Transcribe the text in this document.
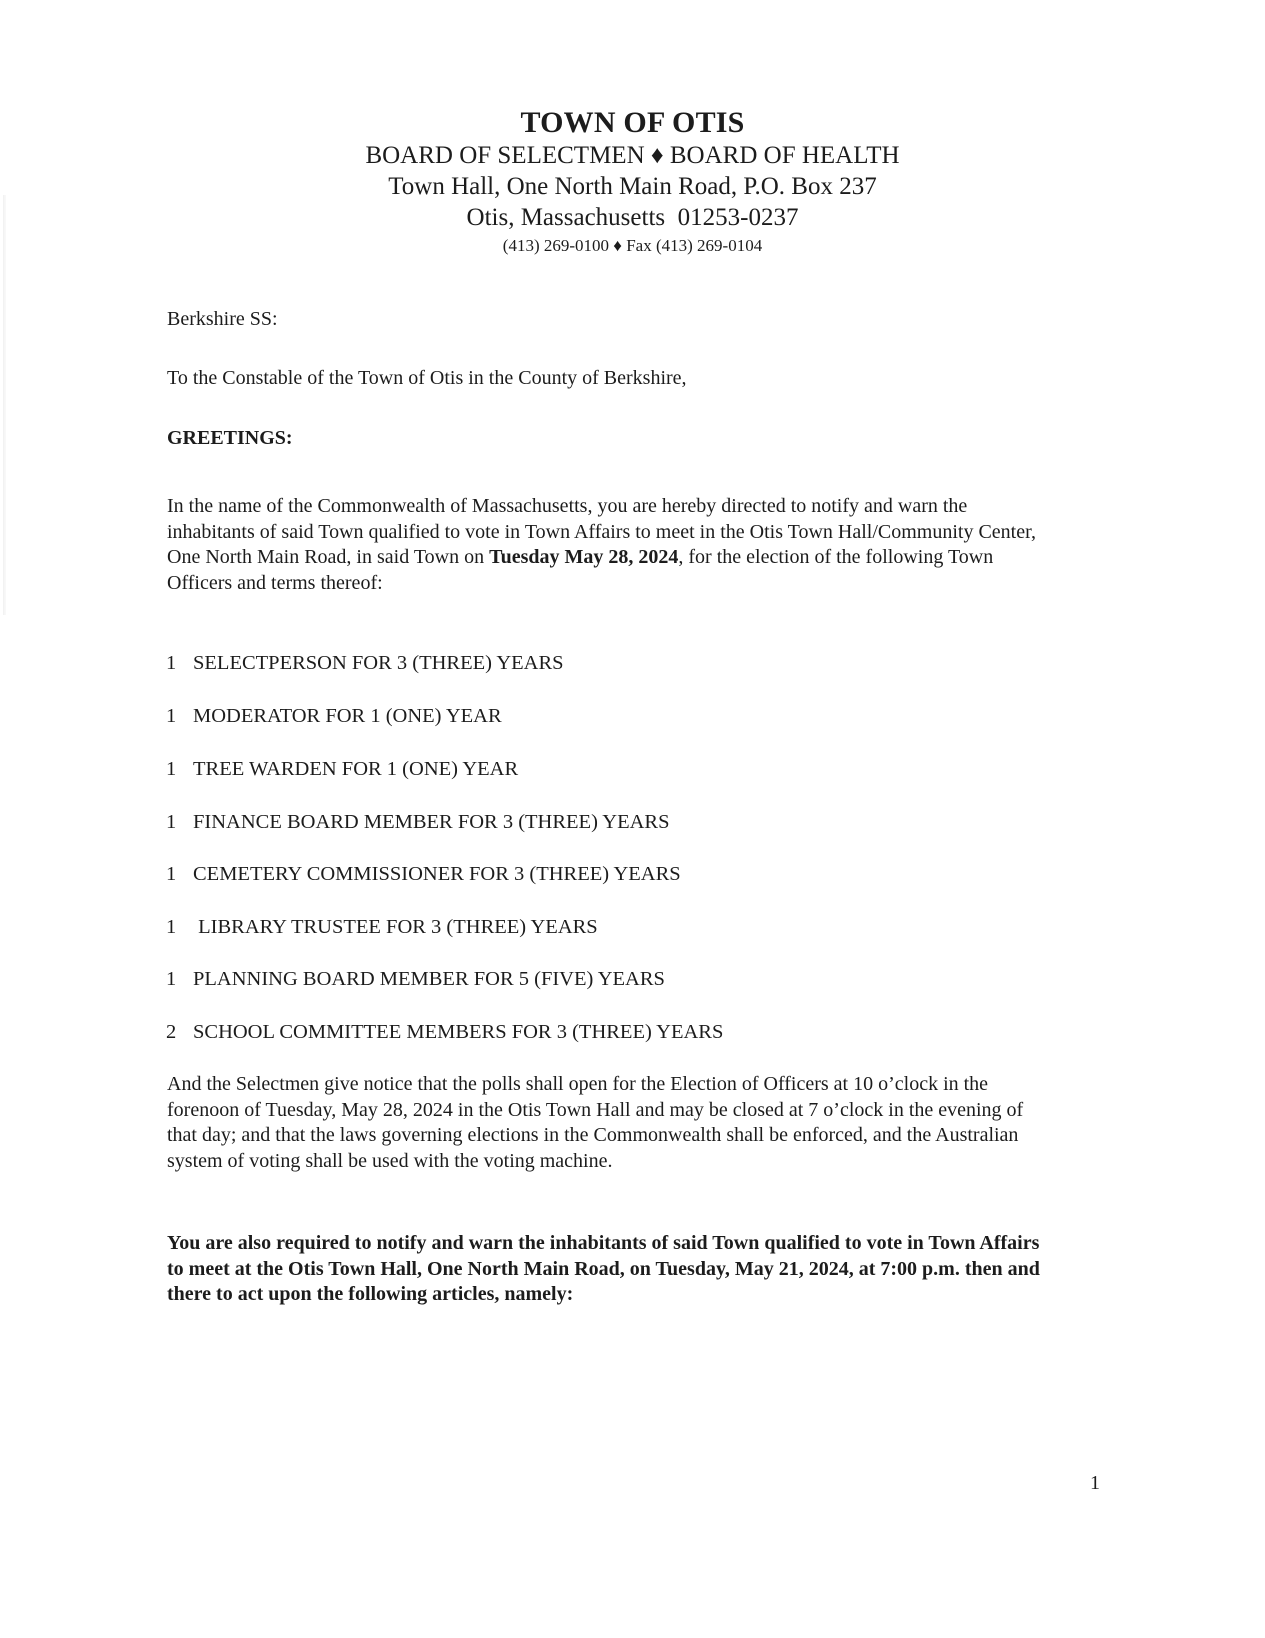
TOWN OF OTIS
BOARD OF SELECTMEN ♦ BOARD OF HEALTH
Town Hall, One North Main Road, P.O. Box 237
Otis, Massachusetts  01253-0237
(413) 269-0100 ♦ Fax (413) 269-0104
Berkshire SS:
To the Constable of the Town of Otis in the County of Berkshire,
GREETINGS:
In the name of the Commonwealth of Massachusetts, you are hereby directed to notify and warn the inhabitants of said Town qualified to vote in Town Affairs to meet in the Otis Town Hall/Community Center, One North Main Road, in said Town on Tuesday May 28, 2024, for the election of the following Town Officers and terms thereof:
1 SELECTPERSON FOR 3 (THREE) YEARS
1 MODERATOR FOR 1 (ONE) YEAR
1 TREE WARDEN FOR 1 (ONE) YEAR
1 FINANCE BOARD MEMBER FOR 3 (THREE) YEARS
1 CEMETERY COMMISSIONER FOR 3 (THREE) YEARS
1 LIBRARY TRUSTEE FOR 3 (THREE) YEARS
1 PLANNING BOARD MEMBER FOR 5 (FIVE) YEARS
2 SCHOOL COMMITTEE MEMBERS FOR 3 (THREE) YEARS
And the Selectmen give notice that the polls shall open for the Election of Officers at 10 o’clock in the forenoon of Tuesday, May 28, 2024 in the Otis Town Hall and may be closed at 7 o’clock in the evening of that day; and that the laws governing elections in the Commonwealth shall be enforced, and the Australian system of voting shall be used with the voting machine.
You are also required to notify and warn the inhabitants of said Town qualified to vote in Town Affairs to meet at the Otis Town Hall, One North Main Road, on Tuesday, May 21, 2024, at 7:00 p.m. then and there to act upon the following articles, namely:
1
